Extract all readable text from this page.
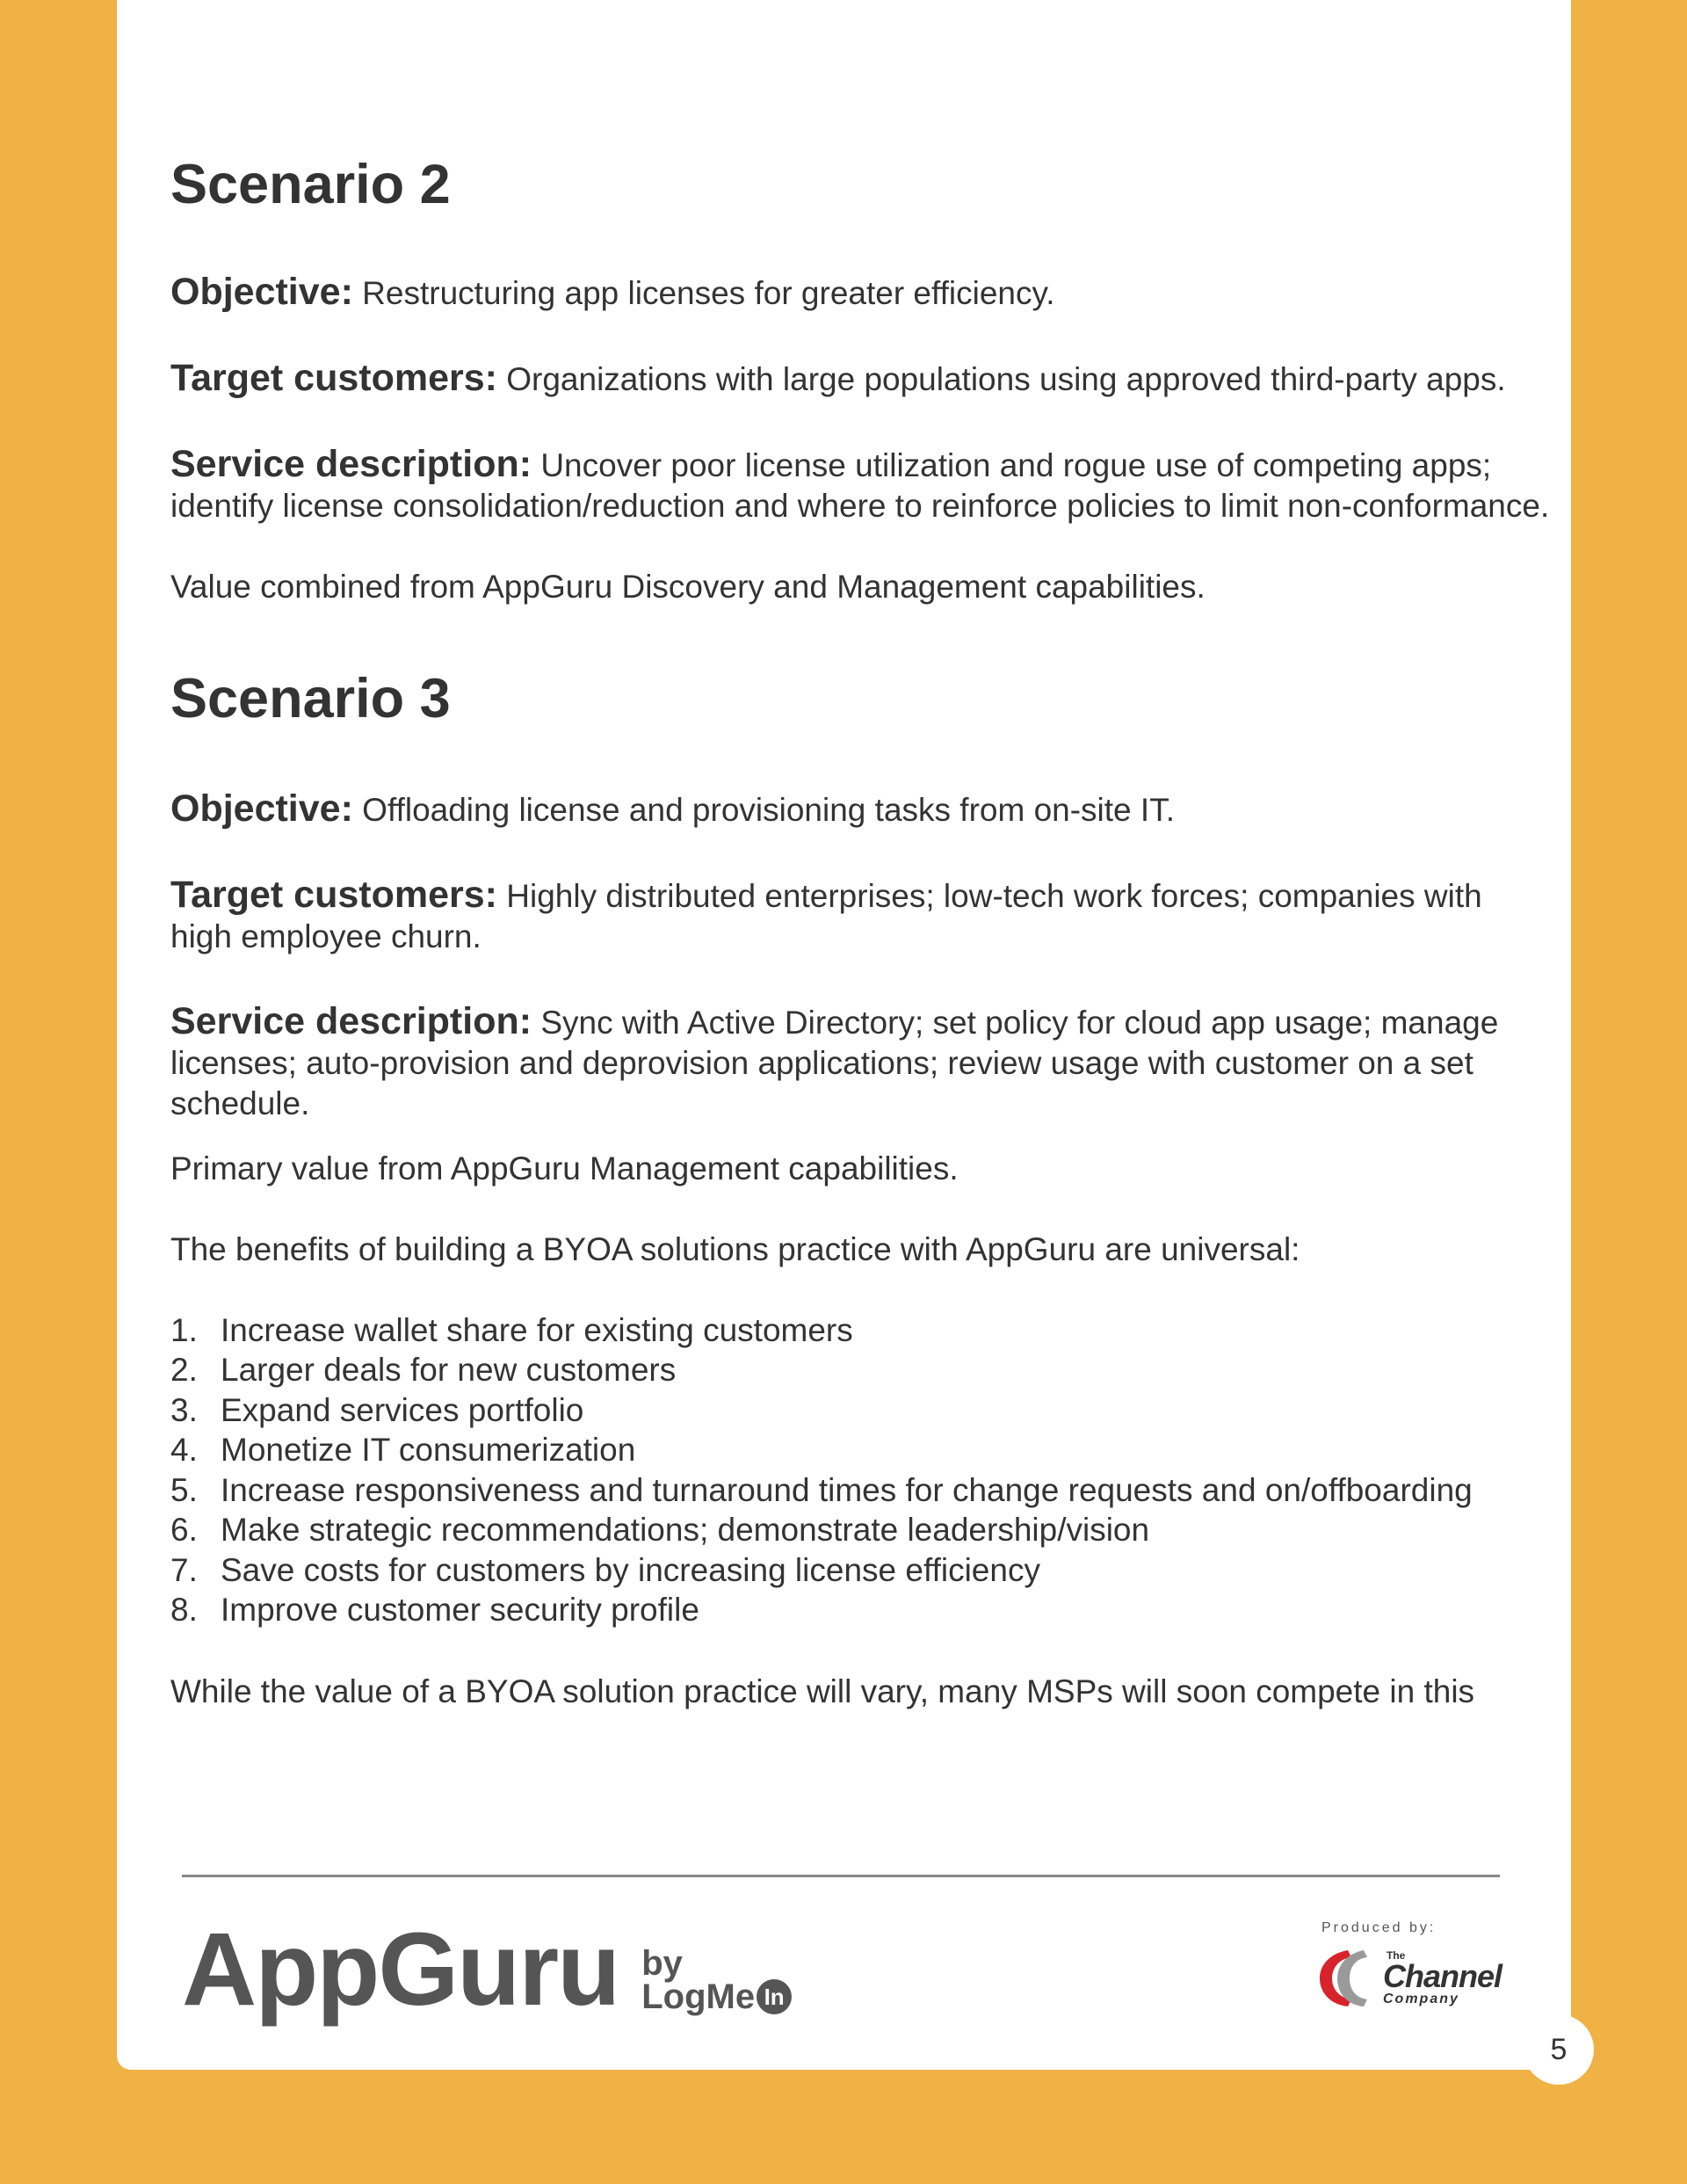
Scenario 2

Objective: Restructuring app licenses for greater efficiency.

Target customers: Organizations with large populations using approved third-party apps.

Service description: Uncover poor license utilization and rogue use of competing apps; identify license consolidation/reduction and where to reinforce policies to limit non-conformance.

Value combined from AppGuru Discovery and Management capabilities.

Scenario 3

Objective: Offloading license and provisioning tasks from on-site IT.

Target customers: Highly distributed enterprises; low-tech work forces; companies with high employee churn.

Service description: Sync with Active Directory; set policy for cloud app usage; manage licenses; auto-provision and deprovision applications; review usage with customer on a set schedule.

Primary value from AppGuru Management capabilities.

The benefits of building a BYOA solutions practice with AppGuru are universal:

1. Increase wallet share for existing customers
2. Larger deals for new customers
3. Expand services portfolio
4. Monetize IT consumerization
5. Increase responsiveness and turnaround times for change requests and on/offboarding
6. Make strategic recommendations; demonstrate leadership/vision
7. Save costs for customers by increasing license efficiency
8. Improve customer security profile

While the value of a BYOA solution practice will vary, many MSPs will soon compete in this

AppGuru by
LogMe In
Produced by:
The
Channel
Company
5
